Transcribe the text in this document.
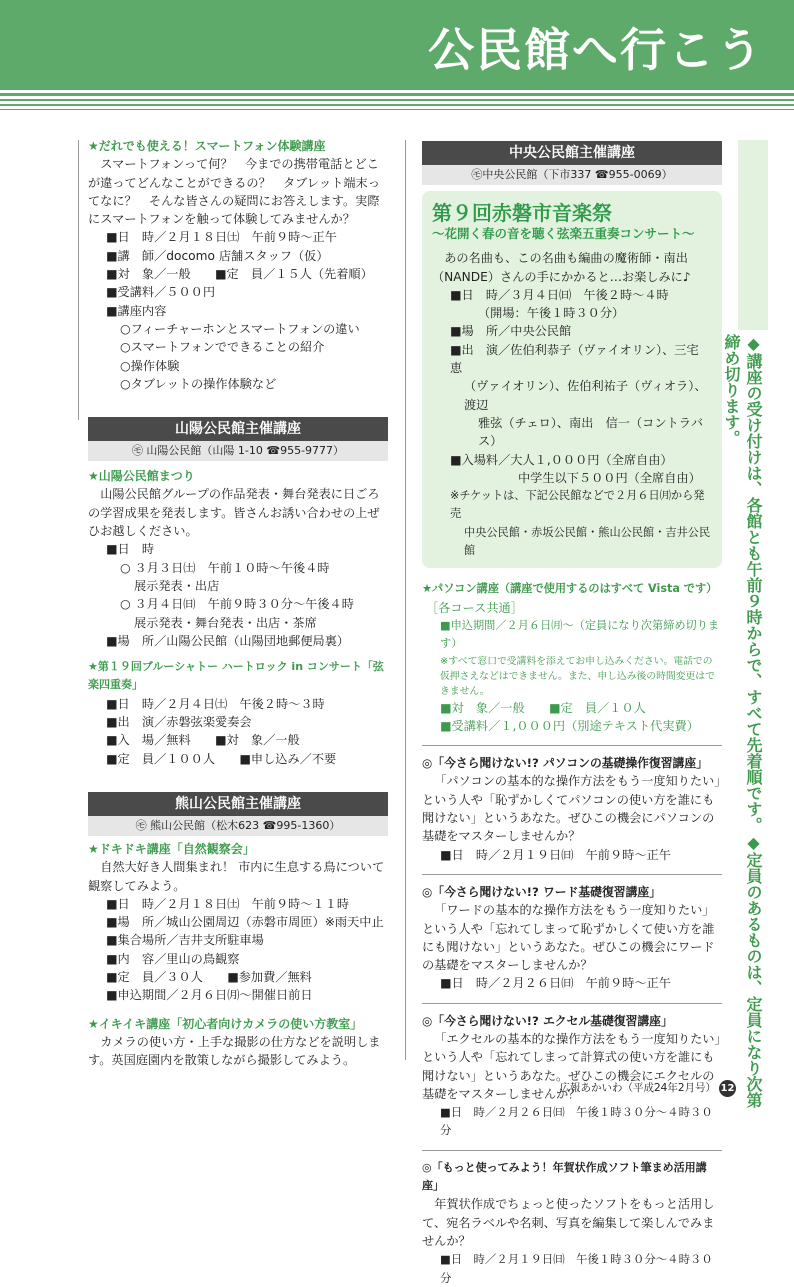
公民館へ行こう
★だれでも使える！スマートフォン体験講座

スマートフォンって何？　今までの携帯電話とどこが違ってどんなことができるの？　タブレット端末ってなに？　そんな皆さんの疑問にお答えします。実際にスマートフォンを触って体験してみませんか？

■日　時／２月１８日㈯　午前９時～正午
■講　師／docomo 店舗スタッフ（仮）
■対　象／一般　　■定　員／１５人（先着順）
■受講料／５００円
■講座内容
○フィーチャーホンとスマートフォンの違い
○スマートフォンでできることの紹介
○操作体験
○タブレットの操作体験など
山陽公民館主催講座
㋲ 山陽公民館（山陽 1-10 ☎955-9777）
★山陽公民館まつり

山陽公民館グループの作品発表・舞台発表に日ごろの学習成果を発表します。皆さんお誘い合わせの上ぜひお越しください。

■日　時
○ ３月３日㈯　午前１０時～午後４時
展示発表・出店
○ ３月４日㈰　午前９時３０分～午後４時
展示発表・舞台発表・出店・茶席
■場　所／山陽公民館（山陽団地郵便局裏）
★第１９回ブルーシャトー ハートロック in コンサート「弦楽四重奏」
■日　時／２月４日㈯　午後２時～３時
■出　演／赤磐弦楽愛奏会
■入　場／無料　　■対　象／一般
■定　員／１００人　　■申し込み／不要
熊山公民館主催講座
㋲ 熊山公民館（松木623 ☎995-1360）
★ドキドキ講座「自然観察会」

自然大好き人間集まれ！ 市内に生息する鳥について観察してみよう。

■日　時／２月１８日㈯　午前９時～１１時
■場　所／城山公園周辺（赤磐市周匝）※雨天中止
■集合場所／吉井支所駐車場
■内　容／里山の鳥観察
■定　員／３０人　　■参加費／無料
■申込期間／２月６日㈪～開催日前日
★イキイキ講座「初心者向けカメラの使い方教室」

カメラの使い方・上手な撮影の仕方などを説明します。英国庭園内を散策しながら撮影してみよう。

中央公民館主催講座
㋲中央公民館（下市337 ☎955-0069）
第９回赤磐市音楽祭
～花開く春の音を聴く弦楽五重奏コンサート～

あの名曲も、この名曲も編曲の魔術師・南出（NANDE）さんの手にかかると…お楽しみに♪

■日　時／３月４日㈰　午後２時～４時
（開場：午後１時３０分）
■場　所／中央公民館
■出　演／佐伯利恭子（ヴァイオリン）、三宅　恵
（ヴァイオリン）、佐伯利祐子（ヴィオラ）、渡辺
雅弦（チェロ）、南出　信一（コントラバス）
■入場料／大人１,０００円（全席自由）
中学生以下５００円（全席自由）
※チケットは、下記公民館などで２月６日㈪から発売
中央公民館・赤坂公民館・熊山公民館・吉井公民館
★パソコン講座（講座で使用するのはすべて Vista です）
［各コース共通］
■申込期間／２月６日㈪～（定員になり次第締め切ります）
※すべて窓口で受講料を添えてお申し込みください。電話での仮押さえなどはできません。また、申し込み後の時間変更はできません。
■対　象／一般　　■定　員／１０人
■受講料／１,０００円（別途テキスト代実費）
◎「今さら聞けない!? パソコンの基礎操作復習講座」

「パソコンの基本的な操作方法をもう一度知りたい」という人や「恥ずかしくてパソコンの使い方を誰にも聞けない」というあなた。ぜひこの機会にパソコンの基礎をマスターしませんか？

■日　時／２月１９日㈰　午前９時～正午
◎「今さら聞けない!? ワード基礎復習講座」

「ワードの基本的な操作方法をもう一度知りたい」という人や「忘れてしまって恥ずかしくて使い方を誰にも聞けない」というあなた。ぜひこの機会にワードの基礎をマスターしませんか？

■日　時／２月２６日㈰　午前９時～正午
◎「今さら聞けない!? エクセル基礎復習講座」

「エクセルの基本的な操作方法をもう一度知りたい」という人や「忘れてしまって計算式の使い方を誰にも聞けない」というあなた。ぜひこの機会にエクセルの基礎をマスターしませんか？

■日　時／２月２６日㈰　午後１時３０分～４時３０分
◎「もっと使ってみよう！年賀状作成ソフト筆まめ活用講座」

年賀状作成でちょっと使ったソフトをもっと活用して、宛名ラベルや名刺、写真を編集して楽しんでみませんか？

■日　時／２月１９日㈰　午後１時３０分～４時３０分
◆講座の受け付けは、各館とも午前９時からで、すべて先着順です。◆定員のあるものは、定員になり次第締め切ります。
広報あかいわ（平成24年2月号） 12
